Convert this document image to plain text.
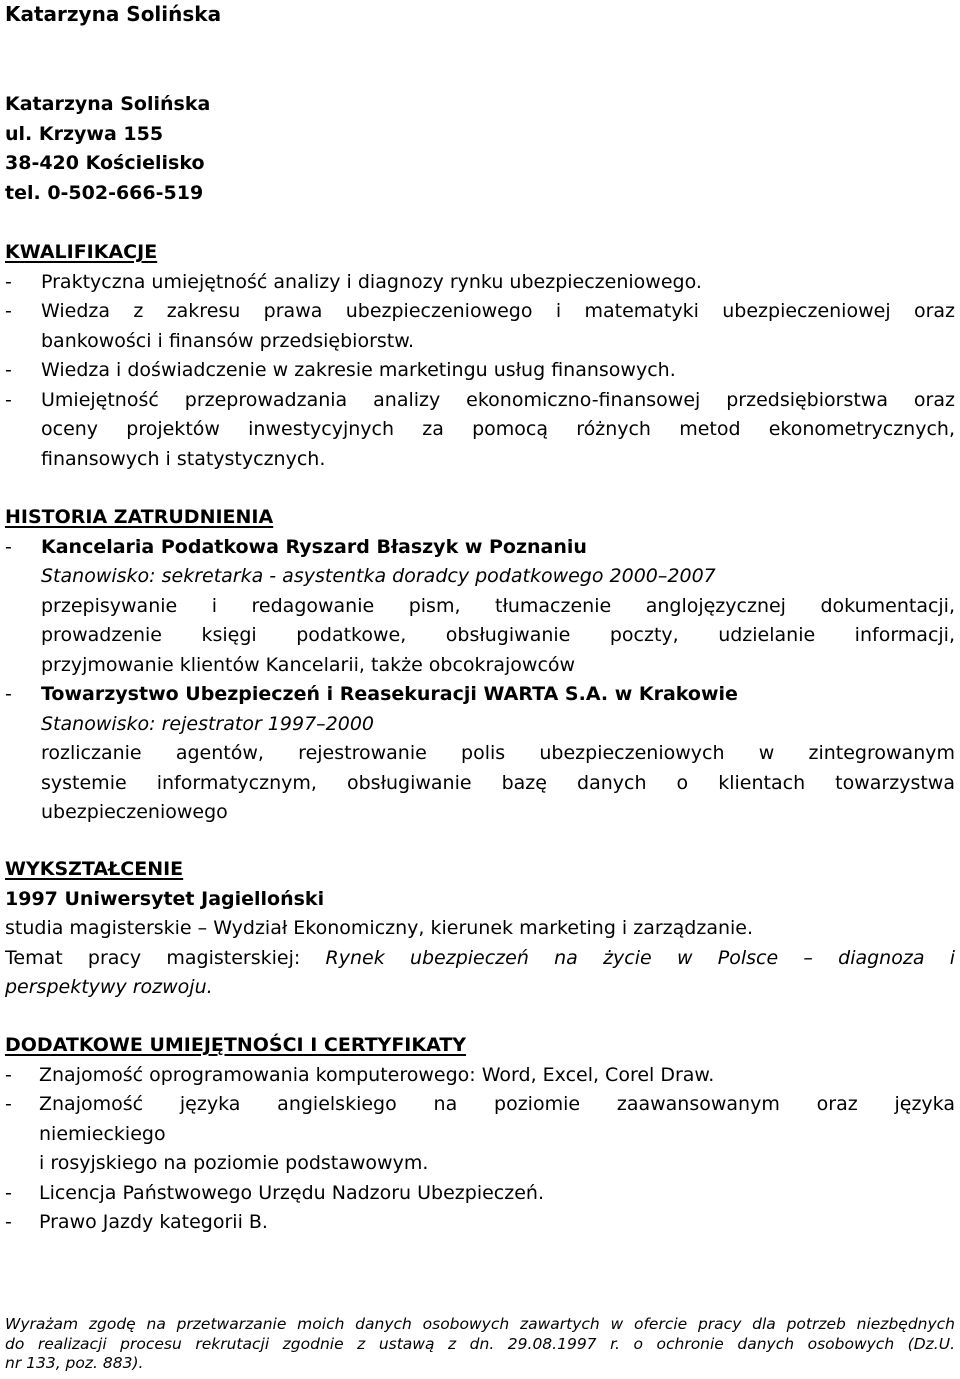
Katarzyna Solińska
Katarzyna Solińska
ul. Krzywa 155
38-420 Kościelisko
tel. 0-502-666-519
KWALIFIKACJE
- Praktyczna umiejętność analizy i diagnozy rynku ubezpieczeniowego.
- Wiedza z zakresu prawa ubezpieczeniowego i matematyki ubezpieczeniowej oraz
bankowości i finansów przedsiębiorstw.
- Wiedza i doświadczenie w zakresie marketingu usług finansowych.
- Umiejętność przeprowadzania analizy ekonomiczno-finansowej przedsiębiorstwa oraz
oceny projektów inwestycyjnych za pomocą różnych metod ekonometrycznych,
finansowych i statystycznych.
HISTORIA ZATRUDNIENIA
- Kancelaria Podatkowa Ryszard Błaszyk w Poznaniu
Stanowisko: sekretarka - asystentka doradcy podatkowego 2000–2007
przepisywanie i redagowanie pism, tłumaczenie anglojęzycznej dokumentacji,
prowadzenie księgi podatkowe, obsługiwanie poczty, udzielanie informacji,
przyjmowanie klientów Kancelarii, także obcokrajowców
- Towarzystwo Ubezpieczeń i Reasekuracji WARTA S.A. w Krakowie
Stanowisko: rejestrator 1997–2000
rozliczanie agentów, rejestrowanie polis ubezpieczeniowych w zintegrowanym
systemie informatycznym, obsługiwanie bazę danych o klientach towarzystwa
ubezpieczeniowego
WYKSZTAŁCENIE
1997 Uniwersytet Jagielloński
studia magisterskie – Wydział Ekonomiczny, kierunek marketing i zarządzanie.
Temat pracy magisterskiej: Rynek ubezpieczeń na życie w Polsce – diagnoza i
perspektywy rozwoju.
DODATKOWE UMIEJĘTNOŚCI I CERTYFIKATY
- Znajomość oprogramowania komputerowego: Word, Excel, Corel Draw.
- Znajomość języka angielskiego na poziomie zaawansowanym oraz języka
niemieckiego
i rosyjskiego na poziomie podstawowym.
- Licencja Państwowego Urzędu Nadzoru Ubezpieczeń.
- Prawo Jazdy kategorii B.
Wyrażam zgodę na przetwarzanie moich danych osobowych zawartych w ofercie pracy dla potrzeb niezbędnych
do realizacji procesu rekrutacji zgodnie z ustawą z dn. 29.08.1997 r. o ochronie danych osobowych (Dz.U.
nr 133, poz. 883).
